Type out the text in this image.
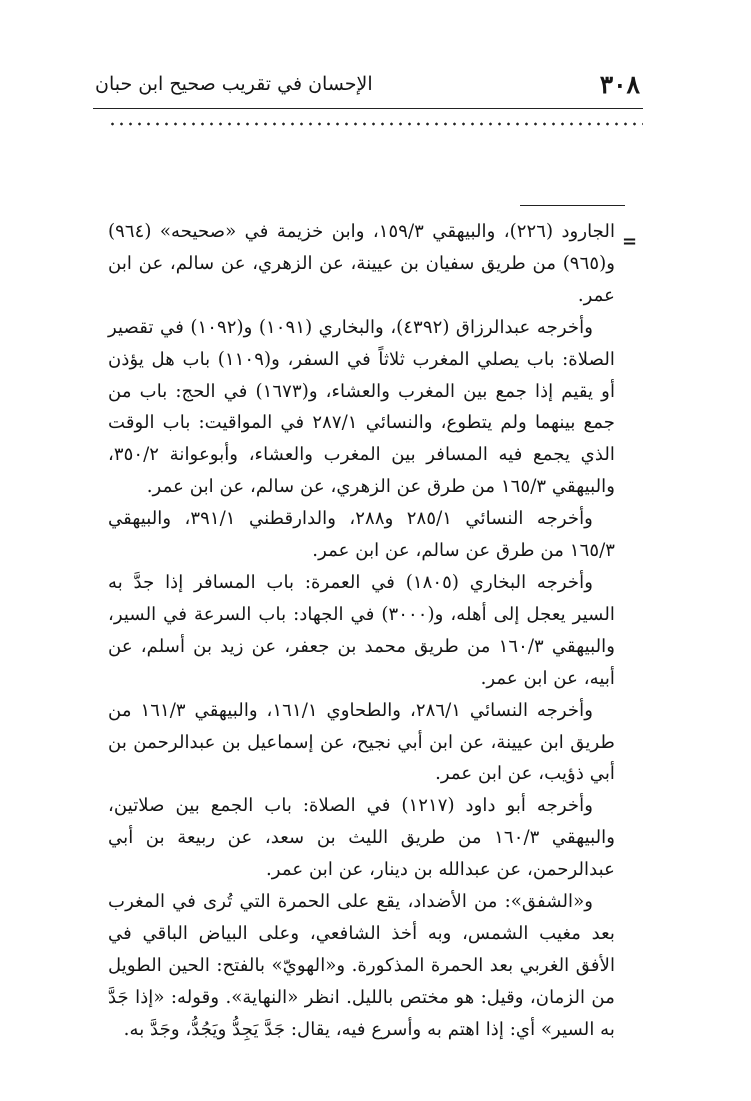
٣٠٨
الإحسان في تقريب صحيح ابن حبان
=

الجارود (٢٢٦)، والبيهقي ١٥٩/٣، وابن خزيمة في «صحيحه» (٩٦٤) و(٩٦٥) من طريق سفيان بن عيينة، عن الزهري، عن سالم، عن ابن عمر.

وأخرجه عبدالرزاق (٤٣٩٢)، والبخاري (١٠٩١) و(١٠٩٢) في تقصير الصلاة: باب يصلي المغرب ثلاثاً في السفر، و(١١٠٩) باب هل يؤذن أو يقيم إذا جمع بين المغرب والعشاء، و(١٦٧٣) في الحج: باب من جمع بينهما ولم يتطوع، والنسائي ٢٨٧/١ في المواقيت: باب الوقت الذي يجمع فيه المسافر بين المغرب والعشاء، وأبوعوانة ٣٥٠/٢، والبيهقي ١٦٥/٣ من طرق عن الزهري، عن سالم، عن ابن عمر.

وأخرجه النسائي ٢٨٥/١ و٢٨٨، والدارقطني ٣٩١/١، والبيهقي ١٦٥/٣ من طرق عن سالم، عن ابن عمر.

وأخرجه البخاري (١٨٠٥) في العمرة: باب المسافر إذا جدَّ به السير يعجل إلى أهله، و(٣٠٠٠) في الجهاد: باب السرعة في السير، والبيهقي ١٦٠/٣ من طريق محمد بن جعفر، عن زيد بن أسلم، عن أبيه، عن ابن عمر.

وأخرجه النسائي ٢٨٦/١، والطحاوي ١٦١/١، والبيهقي ١٦١/٣ من طريق ابن عيينة، عن ابن أبي نجيح، عن إسماعيل بن عبدالرحمن بن أبي ذؤيب، عن ابن عمر.

وأخرجه أبو داود (١٢١٧) في الصلاة: باب الجمع بين صلاتين، والبيهقي ١٦٠/٣ من طريق الليث بن سعد، عن ربيعة بن أبي عبدالرحمن، عن عبدالله بن دينار، عن ابن عمر.

و«الشفق»: من الأضداد، يقع على الحمرة التي تُرى في المغرب بعد مغيب الشمس، وبه أخذ الشافعي، وعلى البياض الباقي في الأفق الغربي بعد الحمرة المذكورة. و«الهويّ» بالفتح: الحين الطويل من الزمان، وقيل: هو مختص بالليل. انظر «النهاية». وقوله: «إذا جَدَّ به السير» أي: إذا اهتم به وأسرع فيه، يقال: جَدَّ يَجِدُّ ويَجُدُّ، وجَدَّ به.
